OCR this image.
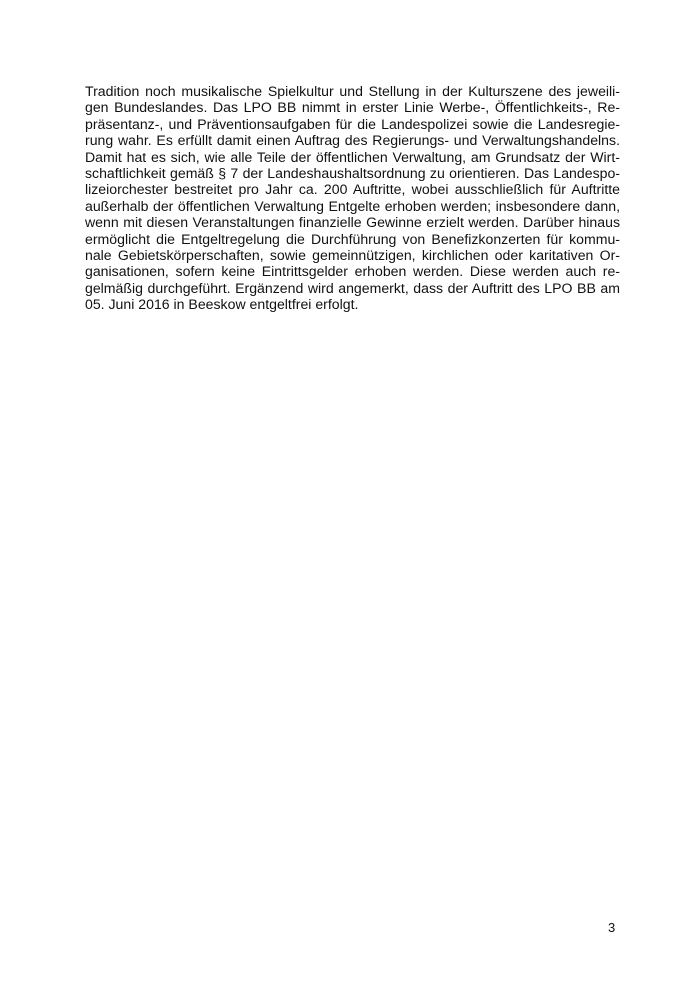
Tradition noch musikalische Spielkultur und Stellung in der Kulturszene des jeweili-
gen Bundeslandes. Das LPO BB nimmt in erster Linie Werbe-, Öffentlichkeits-, Re-
präsentanz-, und Präventionsaufgaben für die Landespolizei sowie die Landesregie-
rung wahr. Es erfüllt damit einen Auftrag des Regierungs- und Verwaltungshandelns.
Damit hat es sich, wie alle Teile der öffentlichen Verwaltung, am Grundsatz der Wirt-
schaftlichkeit gemäß § 7 der Landeshaushaltsordnung zu orientieren. Das Landespo-
lizeiorchester bestreitet pro Jahr ca. 200 Auftritte, wobei ausschließlich für Auftritte
außerhalb der öffentlichen Verwaltung Entgelte erhoben werden; insbesondere dann,
wenn mit diesen Veranstaltungen finanzielle Gewinne erzielt werden. Darüber hinaus
ermöglicht die Entgeltregelung die Durchführung von Benefizkonzerten für kommu-
nale Gebietskörperschaften, sowie gemeinnützigen, kirchlichen oder karitativen Or-
ganisationen, sofern keine Eintrittsgelder erhoben werden. Diese werden auch re-
gelmäßig durchgeführt. Ergänzend wird angemerkt, dass der Auftritt des LPO BB am
05. Juni 2016 in Beeskow entgeltfrei erfolgt.

3
